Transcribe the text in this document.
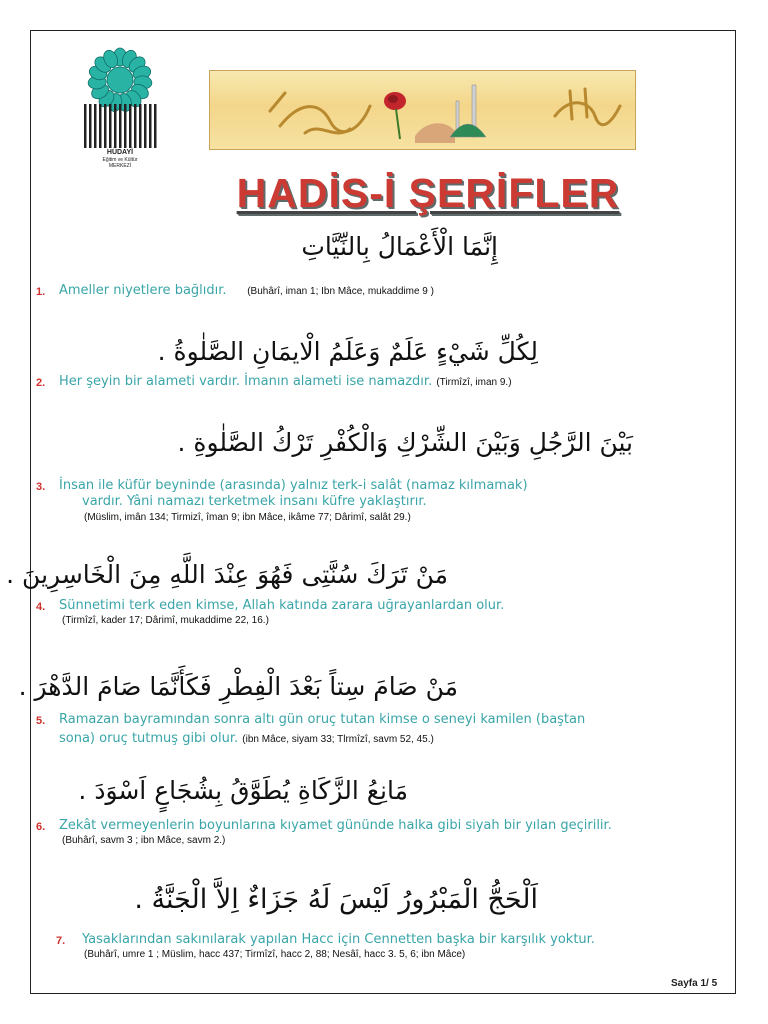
HÜDAYİ
Eğitim ve Kültür
MERKEZİ
HADİS-İ ŞERİFLER
إِنَّمَا الْأَعْمَالُ بِالنِّيَّاتِ
1. Ameller niyetlere bağlıdır. (Buhârî, iman 1; Ibn Mâce, mukaddime 9 )
لِكُلِّ شَيْءٍ عَلَمٌ وَعَلَمُ الْايمَانِ الصَّلٰوةُ .
2. Her şeyin bir alameti vardır. İmanın alameti ise namazdır. (Tirmîzî, iman 9.)
بَيْنَ الرَّجُلِ وَبَيْنَ الشِّرْكِ وَالْكُفْرِ تَرْكُ الصَّلٰوةِ .
3. İnsan ile küfür beyninde (arasında) yalnız terk-i salât (namaz kılmamak)
vardır. Yâni namazı terketmek insanı küfre yaklaştırır.
(Müslim, imân 134; Tirmizî, îman 9; ibn Mâce, ikâme 77; Dârimî, salât 29.)
مَنْ تَرَكَ سُنَّتِى فَهُوَ عِنْدَ اللَّهِ مِنَ الْخَاسِرِينَ .
4. Sünnetimi terk eden kimse, Allah katında zarara uğrayanlardan olur.
(Tirmîzî, kader 17; Dârimî, mukaddime 22, 16.)
مَنْ صَامَ سِتاً بَعْدَ الْفِطْرِ فَكَأَنَّمَا صَامَ الدَّهْرَ .
5. Ramazan bayramından sonra altı gün oruç tutan kimse o seneyi kamilen (baştan
sona) oruç tutmuş gibi olur. (ibn Mâce, siyam 33; Tlrmîzî, savm 52, 45.)
مَانِعُ الزَّكَاةِ يُطَوَّقُ بِشُجَاعٍ اَسْوَدَ .
6. Zekât vermeyenlerin boyunlarına kıyamet gününde halka gibi siyah bir yılan geçirilir.
(Buhârî, savm 3 ; ibn Mâce, savm 2.)
اَلْحَجُّ الْمَبْرُورُ لَيْسَ لَهُ جَزَاءٌ اِلاَّ الْجَنَّةُ .
7. Yasaklarından sakınılarak yapılan Hacc için Cennetten başka bir karşılık yoktur.
(Buhârî, umre 1 ; Müslim, hacc 437; Tirmîzî, hacc 2, 88; Nesâî, hacc 3. 5, 6; ibn Mâce)
Sayfa 1/ 5
